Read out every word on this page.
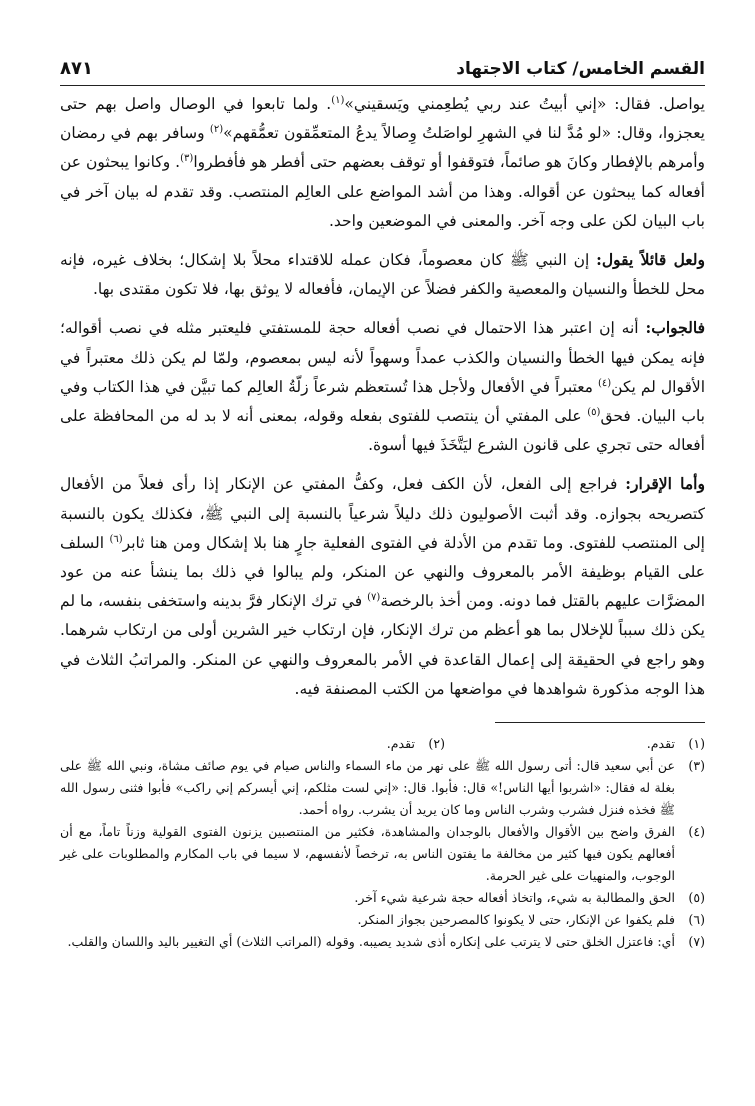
القسم الخامس/ كتاب الاجتهاد
٨٧١

يواصل. فقال: «إني أبيتُ عند ربي يُطعِمني ويَسقيني»$^{(١)}$. ولما تابعوا في الوصال واصل بهم حتى يعجزوا، وقال: «لو مُدَّ لنا في الشهرِ لواصَلتُ وِصالاً يدعُ المتعمِّقون تعمُّقهم»$^{(٢)}$ وسافر بهم في رمضان وأمرهم بالإفطار وكانَ هو صائماً، فتوقفوا أو توقف بعضهم حتى أفطر هو فأفطروا$^{(٣)}$. وكانوا يبحثون عن أفعاله كما يبحثون عن أقواله. وهذا من أشد المواضع على العالِم المنتصب. وقد تقدم له بيان آخر في باب البيان لكن على وجه آخر. والمعنى في الموضعين واحد.

ولعل قائلاً يقول: إن النبي ﷺ كان معصوماً، فكان عمله للاقتداء محلاً بلا إشكال؛ بخلاف غيره، فإنه محل للخطأ والنسيان والمعصية والكفر فضلاً عن الإيمان، فأفعاله لا يوثق بها، فلا تكون مقتدى بها.

فالجواب: أنه إن اعتبر هذا الاحتمال في نصب أفعاله حجة للمستفتي فليعتبر مثله في نصب أقواله؛ فإنه يمكن فيها الخطأ والنسيان والكذب عمداً وسهواً لأنه ليس بمعصوم، ولمّا لم يكن ذلك معتبراً في الأقوال لم يكن$^{(٤)}$ معتبراً في الأفعال ولأجل هذا تُستعظم شرعاً زلّةُ العالِم كما تبيَّن في هذا الكتاب وفي باب البيان. فحق$^{(٥)}$ على المفتي أن ينتصب للفتوى بفعله وقوله، بمعنى أنه لا بد له من المحافظة على أفعاله حتى تجري على قانون الشرع ليَتَّخَذَ فيها أسوة.

وأما الإقرار: فراجع إلى الفعل، لأن الكف فعل، وكفُّ المفتي عن الإنكار إذا رأى فعلاً من الأفعال كتصريحه بجوازه. وقد أثبت الأصوليون ذلك دليلاً شرعياً بالنسبة إلى النبي ﷺ، فكذلك يكون بالنسبة إلى المنتصب للفتوى. وما تقدم من الأدلة في الفتوى الفعلية جارٍ هنا بلا إشكال ومن هنا ثابر$^{(٦)}$ السلف على القيام بوظيفة الأمر بالمعروف والنهي عن المنكر، ولم يبالوا في ذلك بما ينشأ عنه من عود المضرَّات عليهم بالقتل فما دونه. ومن أخذ بالرخصة$^{(٧)}$ في ترك الإنكار فرَّ بدينه واستخفى بنفسه، ما لم يكن ذلك سبباً للإخلال بما هو أعظم من ترك الإنكار، فإن ارتكاب خير الشرين أولى من ارتكاب شرهما. وهو راجع في الحقيقة إلى إعمال القاعدة في الأمر بالمعروف والنهي عن المنكر. والمراتبُ الثلاث في هذا الوجه مذكورة شواهدها في مواضعها من الكتب المصنفة فيه.

(١)
تقدم.
(٢)
تقدم.
(٣)
عن أبي سعيد قال: أتى رسول الله ﷺ على نهر من ماء السماء والناس صيام في يوم صائف مشاة، ونبي الله ﷺ على بغلة له فقال: «اشربوا أيها الناس!» قال: فأبوا. قال: «إني لست مثلكم، إني أيسركم إني راكب» فأبوا فثنى رسول الله ﷺ فخذه فنزل فشرب وشرب الناس وما كان يريد أن يشرب. رواه أحمد.
(٤)
الفرق واضح بين الأقوال والأفعال بالوجدان والمشاهدة، فكثير من المنتصبين يزنون الفتوى القولية وزناً تاماً، مع أن أفعالهم يكون فيها كثير من مخالفة ما يفتون الناس به، ترخصاً لأنفسهم، لا سيما في باب المكارم والمطلوبات على غير الوجوب، والمنهيات على غير الحرمة.
(٥)
الحق والمطالبة به شيء، واتخاذ أفعاله حجة شرعية شيء آخر.
(٦)
فلم يكفوا عن الإنكار، حتى لا يكونوا كالمصرحين بجواز المنكر.
(٧)
أي: فاعتزل الخلق حتى لا يترتب على إنكاره أذى شديد يصيبه. وقوله (المراتب الثلاث) أي التغيير باليد واللسان والقلب.
